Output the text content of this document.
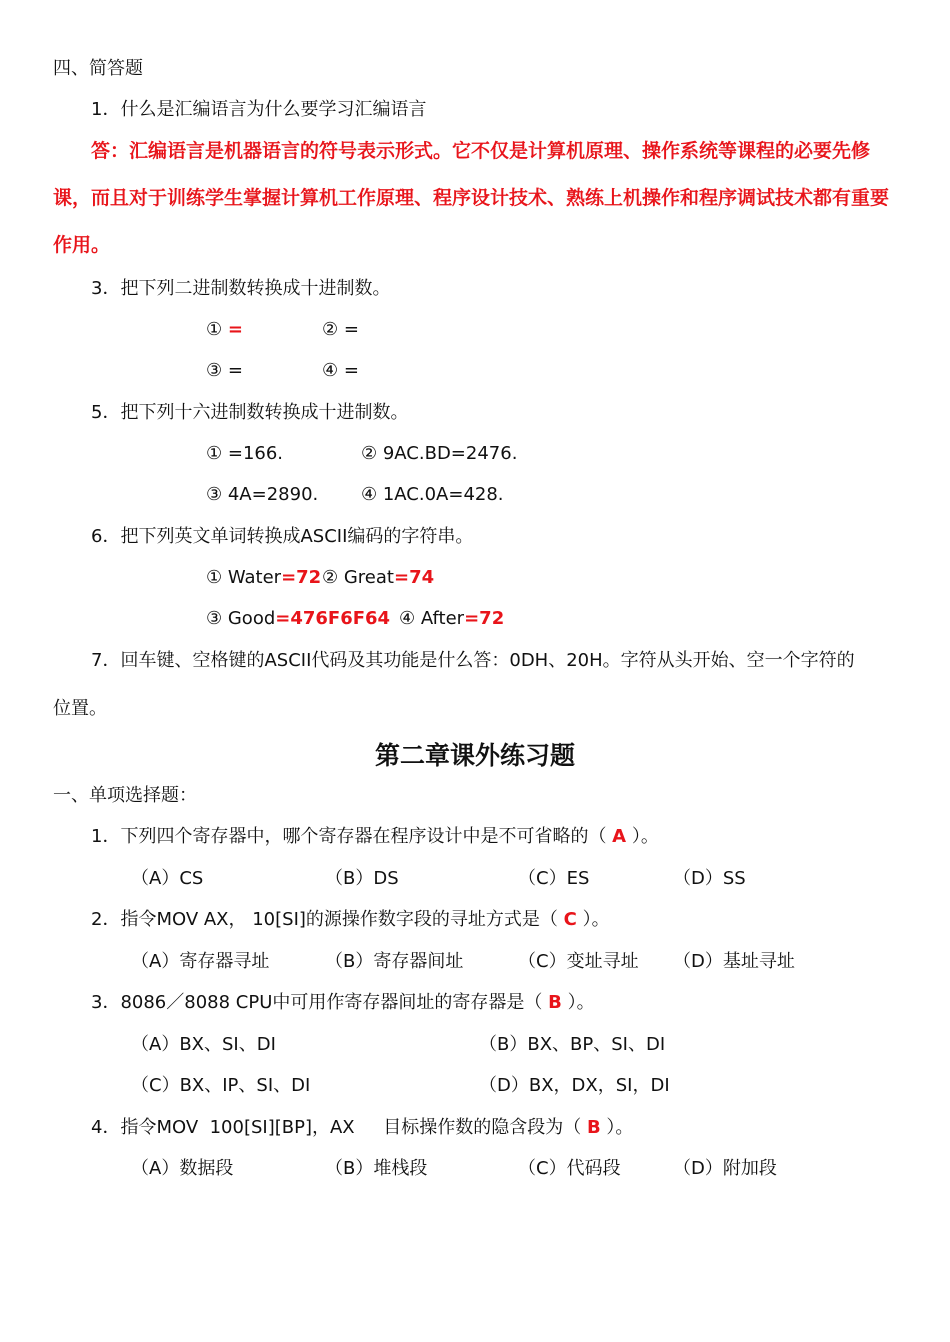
四、简答题
1．什么是汇编语言为什么要学习汇编语言
答：汇编语言是机器语言的符号表示形式。它不仅是计算机原理、操作系统等课程的必要先修课，而且对于训练学生掌握计算机工作原理、程序设计技术、熟练上机操作和程序调试技术都有重要作用。
3．把下列二进制数转换成十进制数。
① =	② =
③ =	④ =
5．把下列十六进制数转换成十进制数。
① =166.	② 9AC.BD=2476.
③ 4A=2890. ④ 1AC.0A=428.
6．把下列英文单词转换成ASCII编码的字符串。
① Water=72 ② Great=74
③ Good=476F6F64 ④ After=72
7．回车键、空格键的ASCII代码及其功能是什么答：0DH、20H。字符从头开始、空一个字符的
位置。
第二章课外练习题
一、单项选择题：
1．下列四个寄存器中，哪个寄存器在程序设计中是不可省略的（ A ）。
（A）CS	（B）DS	（C）ES	（D）SS
2．指令MOV AX， 10[SI]的源操作数字段的寻址方式是（ C ）。
（A）寄存器寻址	（B）寄存器间址	（C）变址寻址 （D）基址寻址
3．8086／8088 CPU中可用作寄存器间址的寄存器是（ B ）。
（A）BX、SI、DI	（B）BX、BP、SI、DI
（C）BX、IP、SI、DI	（D）BX，DX，SI，DI
4．指令MOV  100[SI][BP]，AX     目标操作数的隐含段为（ B ）。
（A）数据段	（B）堆栈段	（C）代码段	（D）附加段
